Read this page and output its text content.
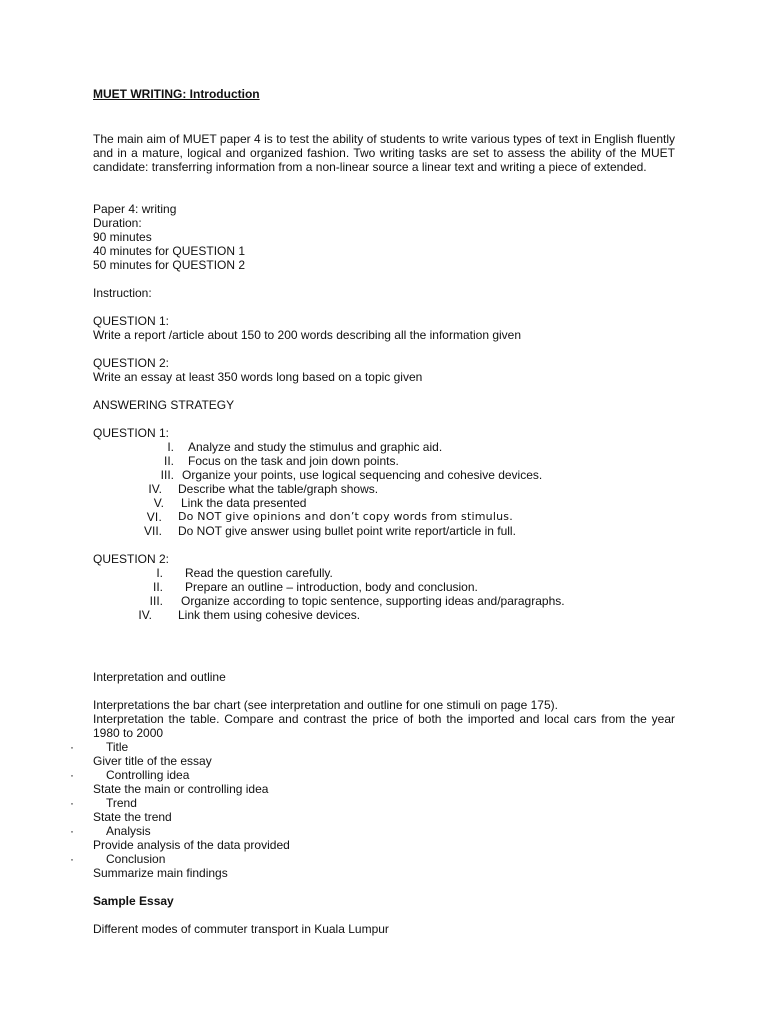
MUET WRITING: Introduction
The main aim of MUET paper 4 is to test the ability of students to write various types of text in English fluently and in a mature, logical and organized fashion. Two writing tasks are set to assess the ability of the MUET candidate: transferring information from a non-linear source a linear text and writing a piece of extended.
Paper 4: writing
Duration:
90 minutes
40 minutes for QUESTION 1
50 minutes for QUESTION 2
Instruction:
QUESTION 1:
Write a report /article about 150 to 200 words describing all the information given
QUESTION 2:
Write an essay at least 350 words long based on a topic given
ANSWERING STRATEGY
QUESTION 1:
I. Analyze and study the stimulus and graphic aid.
II. Focus on the task and join down points.
III. Organize your points, use logical sequencing and cohesive devices.
IV. Describe what the table/graph shows.
V. Link the data presented
VI. Do NOT give opinions and don’t copy words from stimulus.
VII. Do NOT give answer using bullet point write report/article in full.
QUESTION 2:
I. Read the question carefully.
II. Prepare an outline – introduction, body and conclusion.
III. Organize according to topic sentence, supporting ideas and/paragraphs.
IV. Link them using cohesive devices.
Interpretation and outline
Interpretations the bar chart (see interpretation and outline for one stimuli on page 175).
Interpretation the table. Compare and contrast the price of both the imported and local cars from the year 1980 to 2000
·	Title
Giver title of the essay
·	Controlling idea
State the main or controlling idea
·	Trend
State the trend
·	Analysis
Provide analysis of the data provided
·	Conclusion
Summarize main findings
Sample Essay
Different modes of commuter transport in Kuala Lumpur
